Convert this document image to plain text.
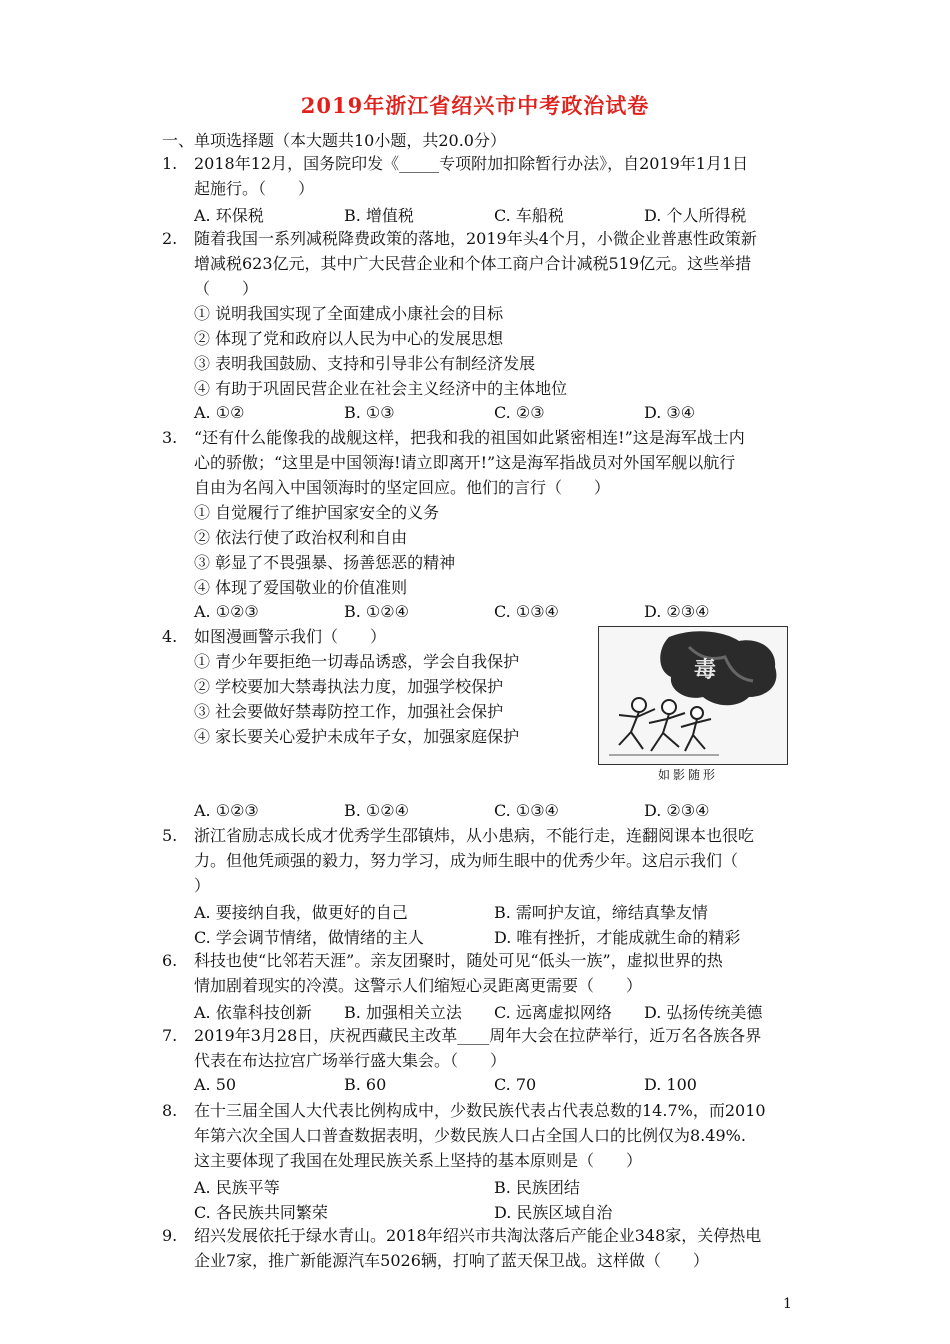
2019年浙江省绍兴市中考政治试卷
一、单项选择题（本大题共10小题，共20.0分）
1. 2018年12月，国务院印发《_____专项附加扣除暂行办法》，自2019年1月1日
起施行。（　　）
A. 环保税	B. 增值税	C. 车船税	D. 个人所得税
2. 随着我国一系列减税降费政策的落地，2019年头4个月，小微企业普惠性政策新
增减税623亿元，其中广大民营企业和个体工商户合计减税519亿元。这些举措
（　　）
① 说明我国实现了全面建成小康社会的目标
② 体现了党和政府以人民为中心的发展思想
③ 表明我国鼓励、支持和引导非公有制经济发展
④ 有助于巩固民营企业在社会主义经济中的主体地位
A. ①②	B. ①③	C. ②③	D. ③④
3. “还有什么能像我的战舰这样，把我和我的祖国如此紧密相连!”这是海军战士内
心的骄傲；“这里是中国领海!请立即离开!”这是海军指战员对外国军舰以航行
自由为名闯入中国领海时的坚定回应。他们的言行（　　）
① 自觉履行了维护国家安全的义务
② 依法行使了政治权利和自由
③ 彰显了不畏强暴、扬善惩恶的精神
④ 体现了爱国敬业的价值准则
A. ①②③	B. ①②④	C. ①③④	D. ②③④
4. 如图漫画警示我们（　　）
① 青少年要拒绝一切毒品诱惑，学会自我保护
② 学校要加大禁毒执法力度，加强学校保护
③ 社会要做好禁毒防控工作，加强社会保护
④ 家长要关心爱护未成年子女，加强家庭保护
毒
如影随形
A. ①②③	B. ①②④	C. ①③④	D. ②③④
5. 浙江省励志成长成才优秀学生邵镇炜，从小患病，不能行走，连翻阅课本也很吃
力。但他凭顽强的毅力，努力学习，成为师生眼中的优秀少年。这启示我们（
）
A. 要接纳自我，做更好的自己	B. 需呵护友谊，缔结真挚友情
C. 学会调节情绪，做情绪的主人	D. 唯有挫折，才能成就生命的精彩
6. 科技也使“比邻若天涯”。亲友团聚时，随处可见“低头一族”，虚拟世界的热
情加剧着现实的冷漠。这警示人们缩短心灵距离更需要（　　）
A. 依靠科技创新 B. 加强相关立法 C. 远离虚拟网络 D. 弘扬传统美德
7. 2019年3月28日，庆祝西藏民主改革____周年大会在拉萨举行，近万名各族各界
代表在布达拉宫广场举行盛大集会。（　　）
A. 50	B. 60	C. 70	D. 100
8. 在十三届全国人大代表比例构成中，少数民族代表占代表总数的14.7%，而2010
年第六次全国人口普查数据表明，少数民族人口占全国人口的比例仅为8.49%.
这主要体现了我国在处理民族关系上坚持的基本原则是（　　）
A. 民族平等	B. 民族团结
C. 各民族共同繁荣	D. 民族区域自治
9. 绍兴发展依托于绿水青山。2018年绍兴市共淘汰落后产能企业348家，关停热电
企业7家，推广新能源汽车5026辆，打响了蓝天保卫战。这样做（　　）
1
